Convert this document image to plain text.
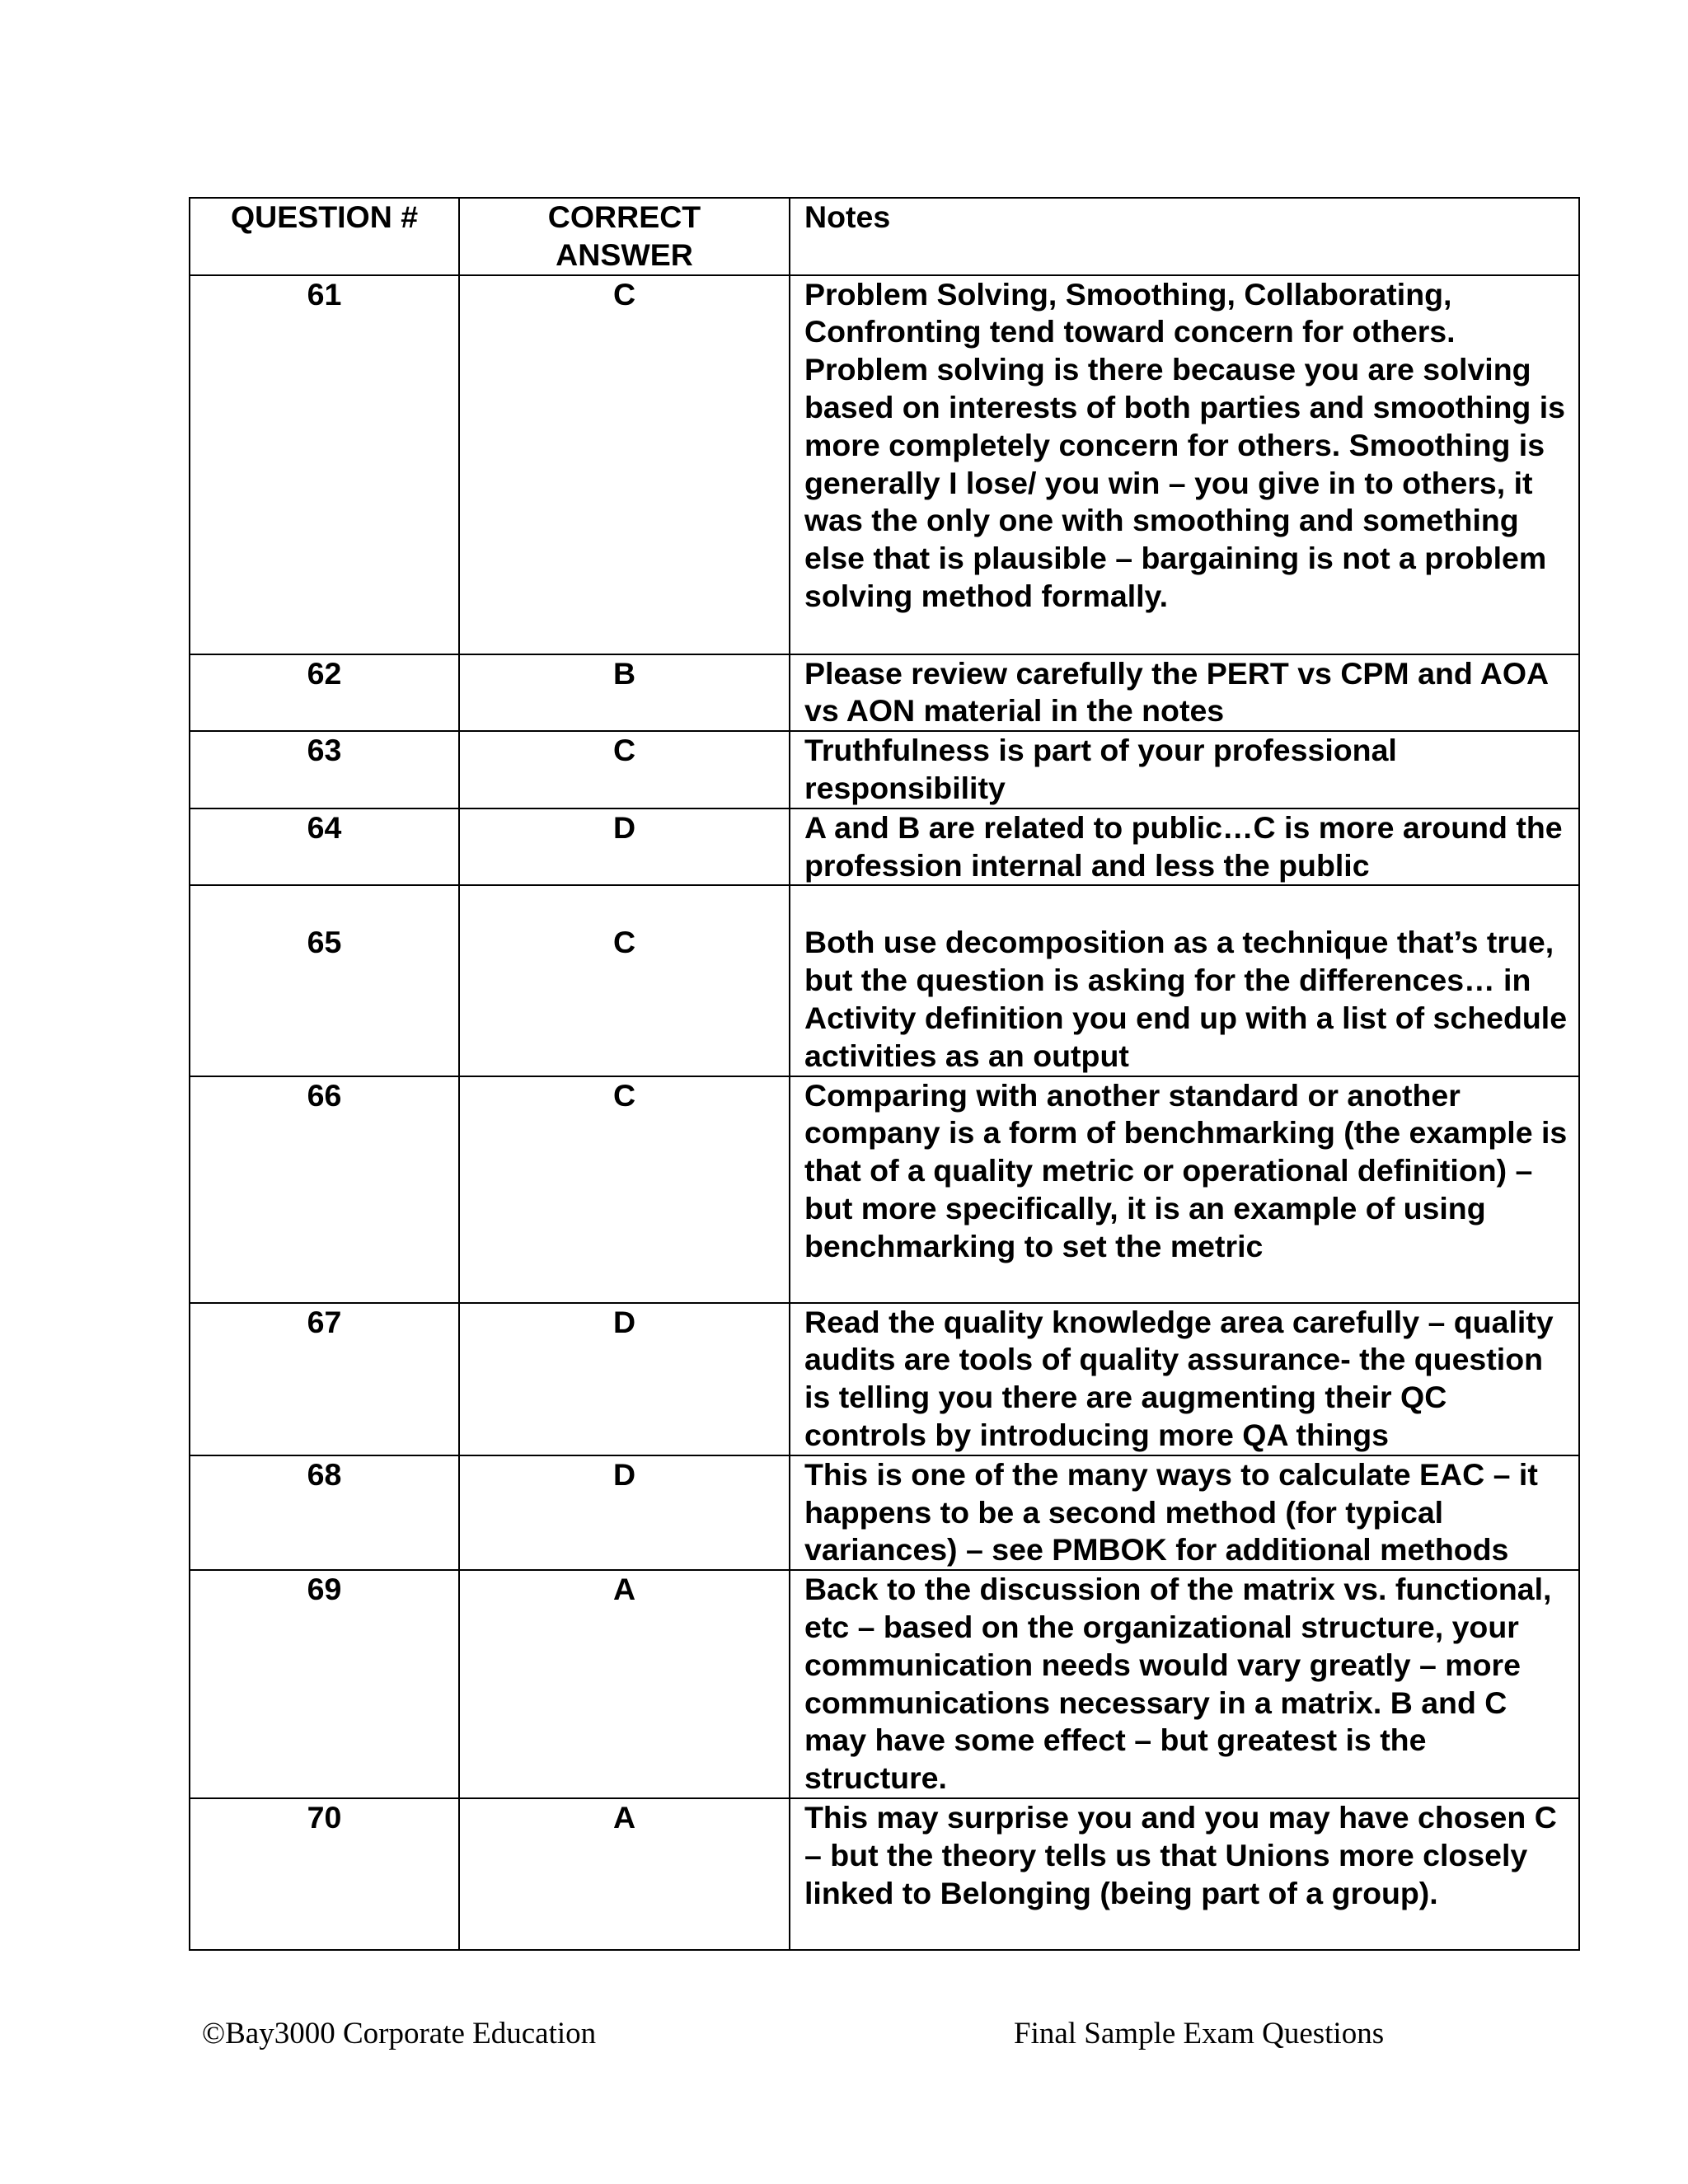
QUESTION #	CORRECT ANSWER	Notes
61	C	Problem Solving, Smoothing, Collaborating, Confronting tend toward concern for others. Problem solving is there because you are solving based on interests of both parties and smoothing is more completely concern for others. Smoothing is generally I lose/ you win – you give in to others, it was the only one with smoothing and something else that is plausible – bargaining is not a problem solving method formally.
62	B	Please review carefully the PERT vs CPM and AOA vs AON material in the notes
63	C	Truthfulness is part of your professional responsibility
64	D	A and B are related to public…C is more around the profession internal and less the public
65	C	Both use decomposition as a technique that’s true, but the question is asking for the differences… in Activity definition you end up with a list of schedule activities as an output
66	C	Comparing with another standard or another company is a form of benchmarking (the example is that of a quality metric or operational definition) – but more specifically, it is an example of using benchmarking to set the metric
67	D	Read the quality knowledge area carefully – quality audits are tools of quality assurance- the question is telling you there are augmenting their QC controls by introducing more QA things
68	D	This is one of the many ways to calculate EAC – it happens to be a second method (for typical variances) – see PMBOK for additional methods
69	A	Back to the discussion of the matrix vs. functional, etc – based on the organizational structure, your communication needs would vary greatly – more communications necessary in a matrix. B and C may have some effect – but greatest is the structure.
70	A	This may surprise you and you may have chosen C – but the theory tells us that Unions more closely linked to Belonging (being part of a group).
©Bay3000 Corporate Education	Final Sample Exam Questions
